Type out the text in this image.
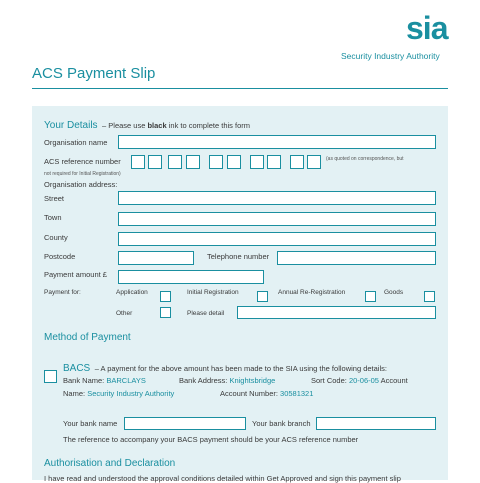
sia
Security Industry Authority
ACS Payment Slip
Your Details – Please use black ink to complete this form
Organisation name
ACS reference number	(as quoted on correspondence, but
not required for Initial Registration)
Organisation address:
Street
Town
County
Postcode	Telephone number
Payment amount £
Payment for:	Application	Initial Registration	Annual Re-Registration	Goods
Other	Please detail
Method of Payment
BACS – A payment for the above amount has been made to the SIA using the following details:
Bank Name: BARCLAYS	Bank Address: Knightsbridge	Sort Code: 20-06-05 Account
Name: Security Industry Authority	Account Number: 30581321
Your bank name	Your bank branch
The reference to accompany your BACS payment should be your ACS reference number
Authorisation and Declaration
I have read and understood the approval conditions detailed within Get Approved and sign this payment slip
